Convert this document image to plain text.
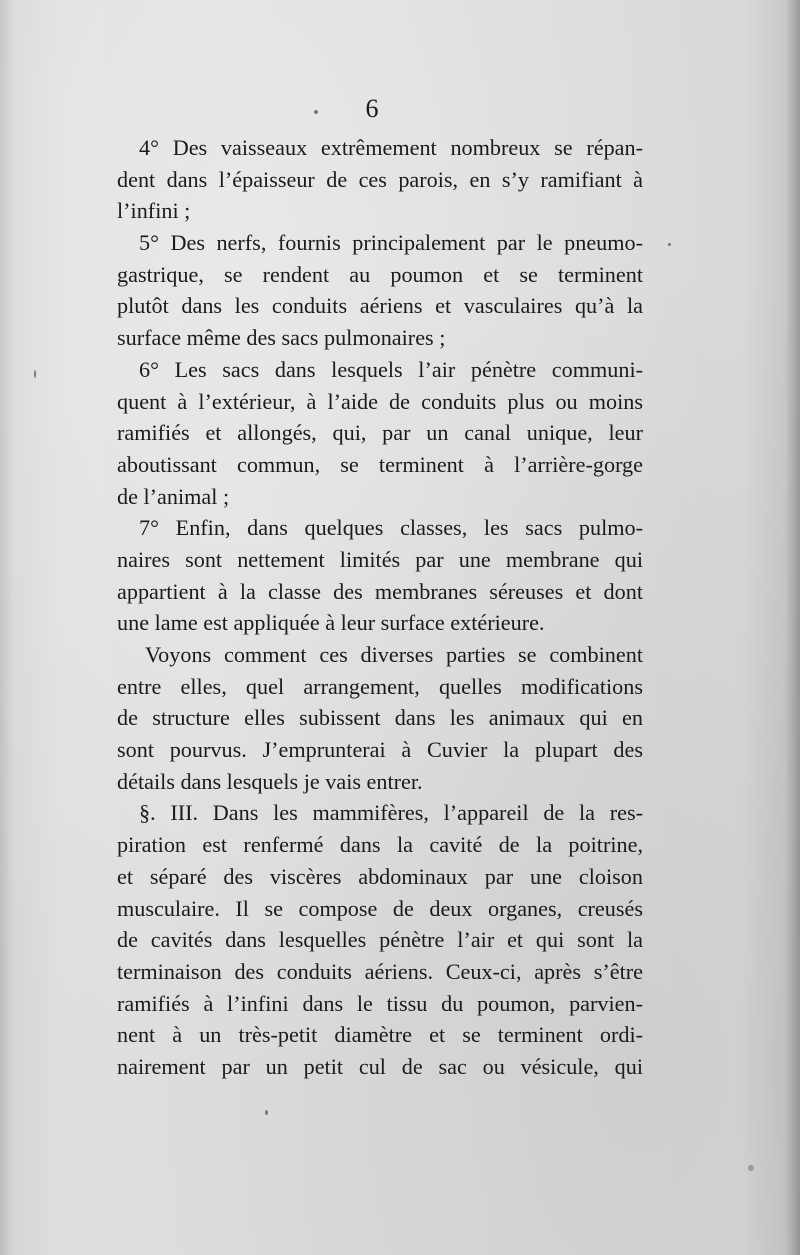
6
4° Des vaisseaux extrêmement nombreux se répan-
dent dans l’épaisseur de ces parois, en s’y ramifiant à
l’infini ;
5° Des nerfs, fournis principalement par le pneumo-
gastrique, se rendent au poumon et se terminent
plutôt dans les conduits aériens et vasculaires qu’à la
surface même des sacs pulmonaires ;
6° Les sacs dans lesquels l’air pénètre communi-
quent à l’extérieur, à l’aide de conduits plus ou moins
ramifiés et allongés, qui, par un canal unique, leur
aboutissant commun, se terminent à l’arrière-gorge
de l’animal ;
7° Enfin, dans quelques classes, les sacs pulmo-
naires sont nettement limités par une membrane qui
appartient à la classe des membranes séreuses et dont
une lame est appliquée à leur surface extérieure.
Voyons comment ces diverses parties se combinent
entre elles, quel arrangement, quelles modifications
de structure elles subissent dans les animaux qui en
sont pourvus. J’emprunterai à Cuvier la plupart des
détails dans lesquels je vais entrer.
§. III. Dans les mammifères, l’appareil de la res-
piration est renfermé dans la cavité de la poitrine,
et séparé des viscères abdominaux par une cloison
musculaire. Il se compose de deux organes, creusés
de cavités dans lesquelles pénètre l’air et qui sont la
terminaison des conduits aériens. Ceux-ci, après s’être
ramifiés à l’infini dans le tissu du poumon, parvien-
nent à un très-petit diamètre et se terminent ordi-
nairement par un petit cul de sac ou vésicule, qui
